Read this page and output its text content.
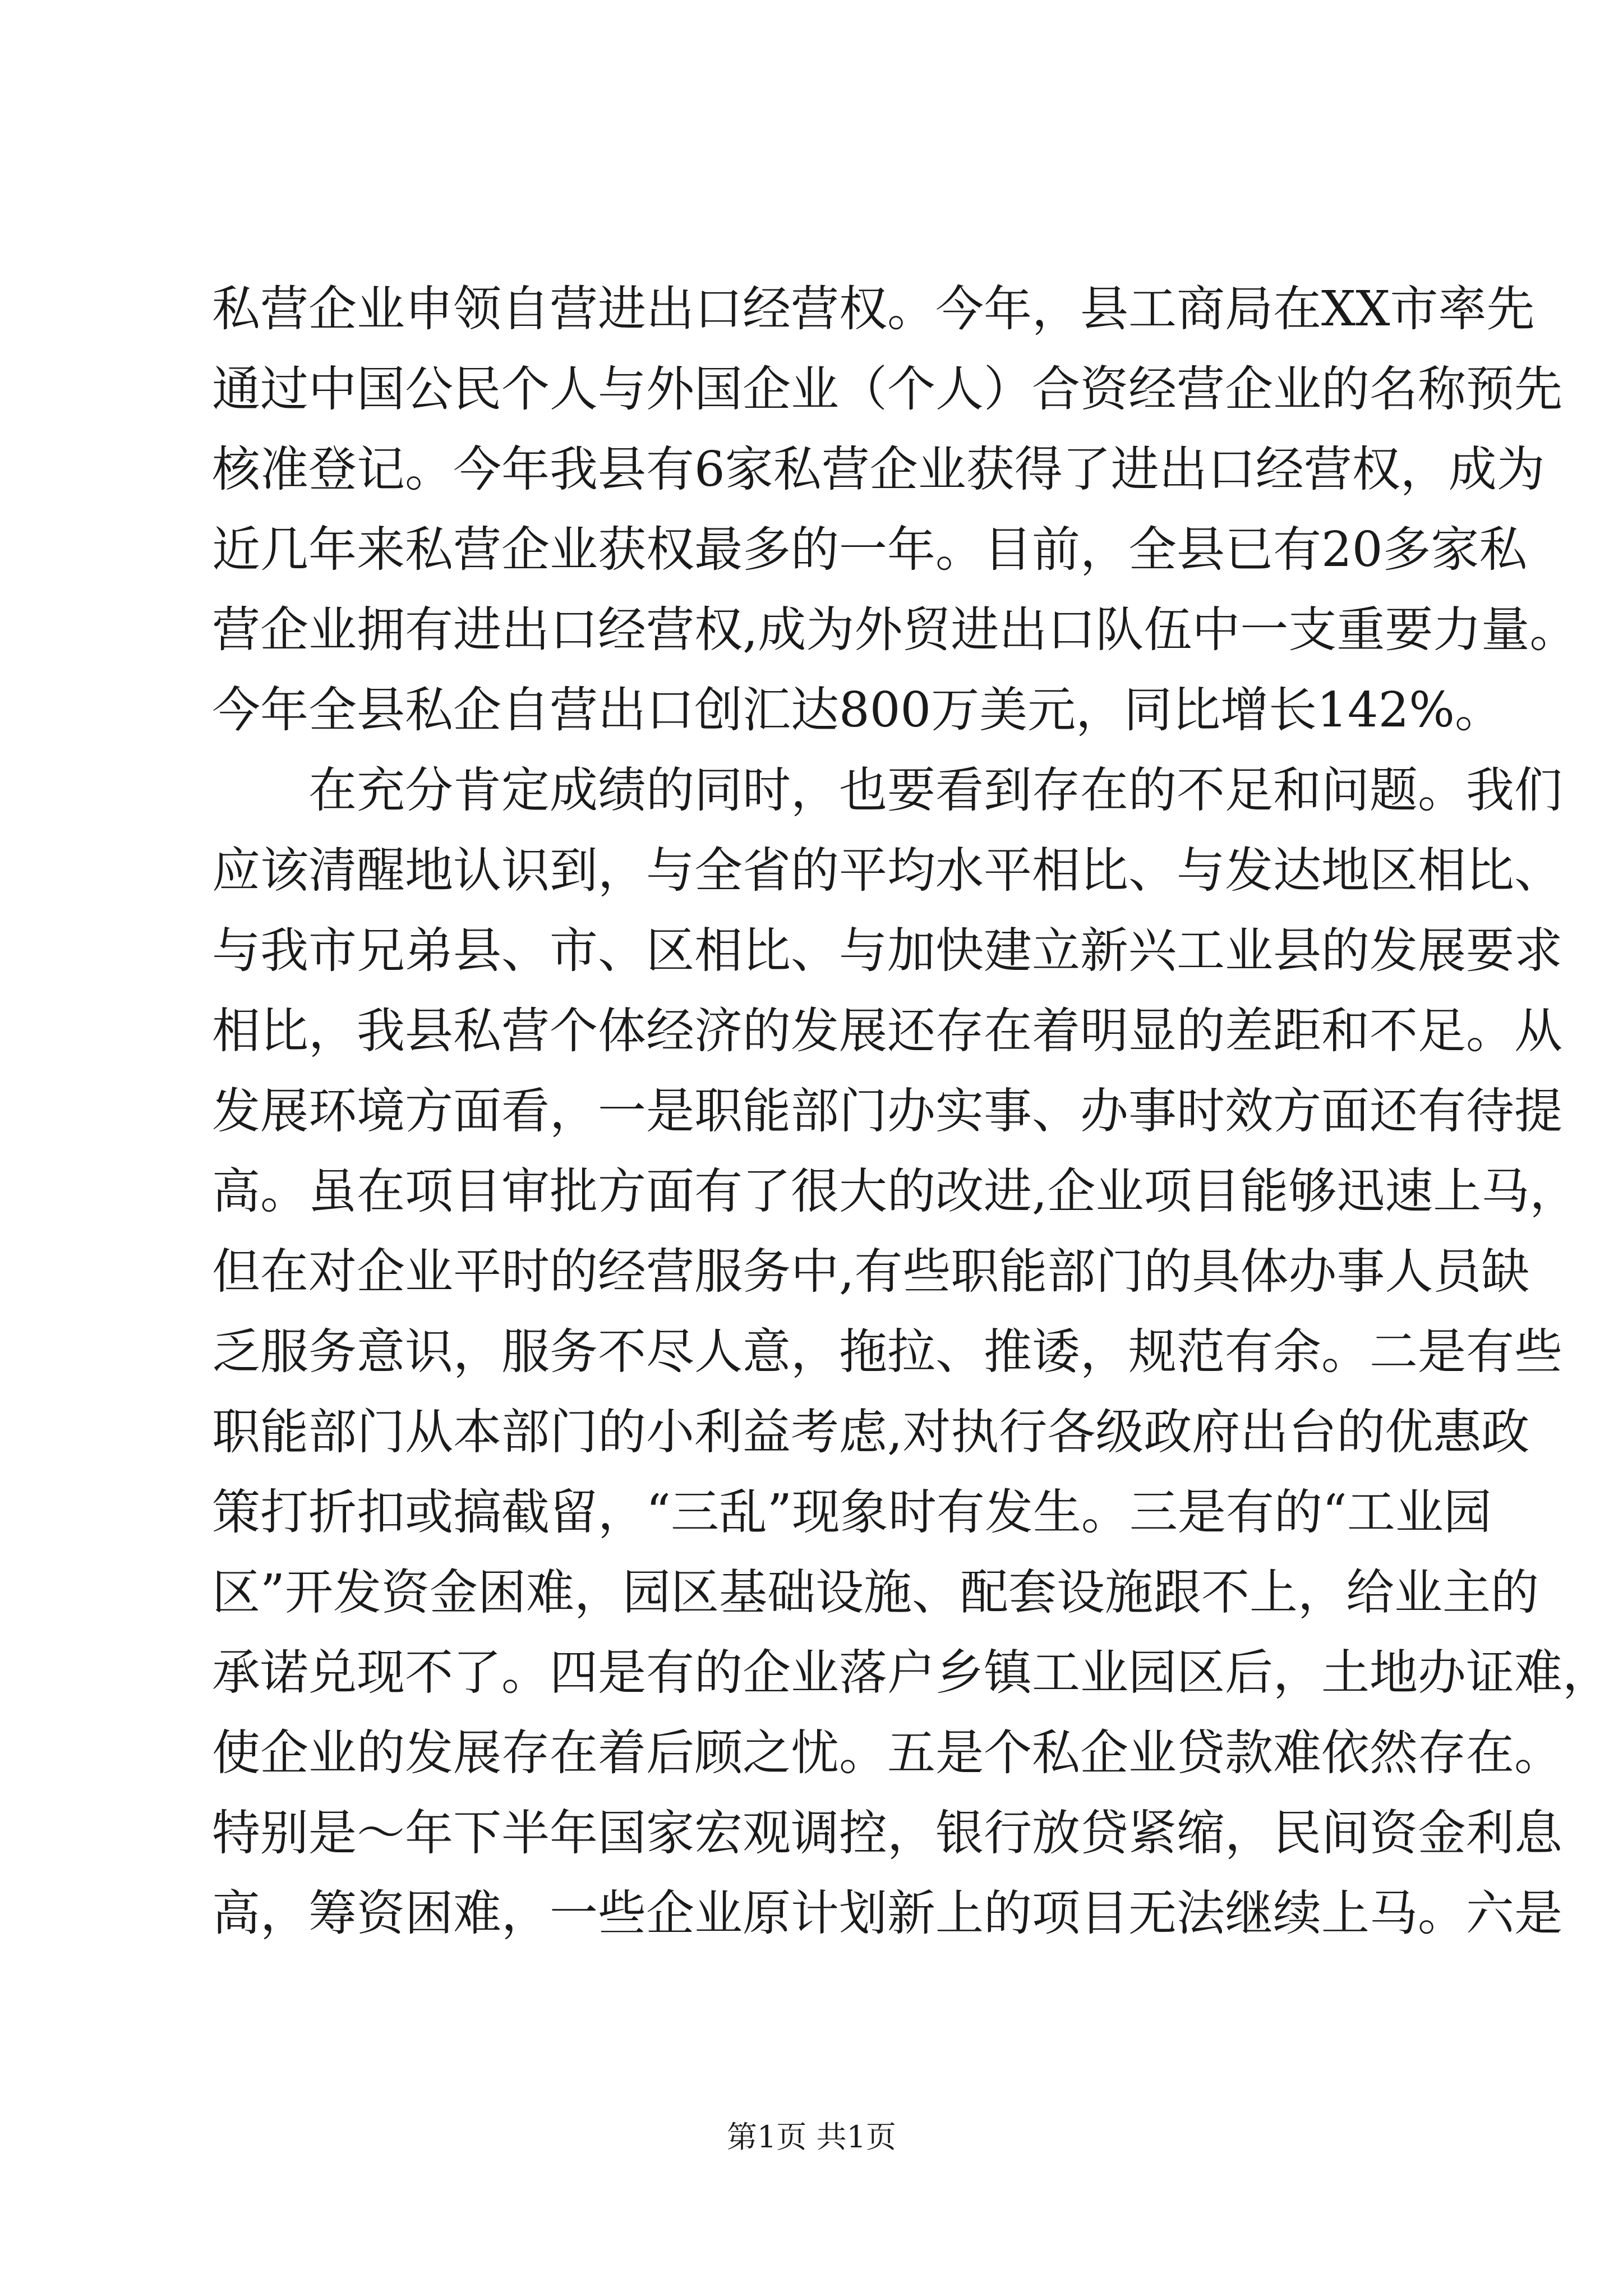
私营企业申领自营进出口经营权。今年，县工商局在XX市率先

通过中国公民个人与外国企业（个人）合资经营企业的名称预先

核准登记。今年我县有6家私营企业获得了进出口经营权，成为

近几年来私营企业获权最多的一年。目前，全县已有20多家私

营企业拥有进出口经营权,成为外贸进出口队伍中一支重要力量。

今年全县私企自营出口创汇达800万美元，同比增长142%。

在充分肯定成绩的同时，也要看到存在的不足和问题。我们

应该清醒地认识到，与全省的平均水平相比、与发达地区相比、

与我市兄弟县、市、区相比、与加快建立新兴工业县的发展要求

相比，我县私营个体经济的发展还存在着明显的差距和不足。从

发展环境方面看，一是职能部门办实事、办事时效方面还有待提

高。虽在项目审批方面有了很大的改进,企业项目能够迅速上马，

但在对企业平时的经营服务中,有些职能部门的具体办事人员缺

乏服务意识，服务不尽人意，拖拉、推诿，规范有余。二是有些

职能部门从本部门的小利益考虑,对执行各级政府出台的优惠政

策打折扣或搞截留，“三乱”现象时有发生。三是有的“工业园

区”开发资金困难，园区基础设施、配套设施跟不上，给业主的

承诺兑现不了。四是有的企业落户乡镇工业园区后，土地办证难，

使企业的发展存在着后顾之忧。五是个私企业贷款难依然存在。

特别是～年下半年国家宏观调控，银行放贷紧缩，民间资金利息

高，筹资困难，一些企业原计划新上的项目无法继续上马。六是

第1页 共1页
